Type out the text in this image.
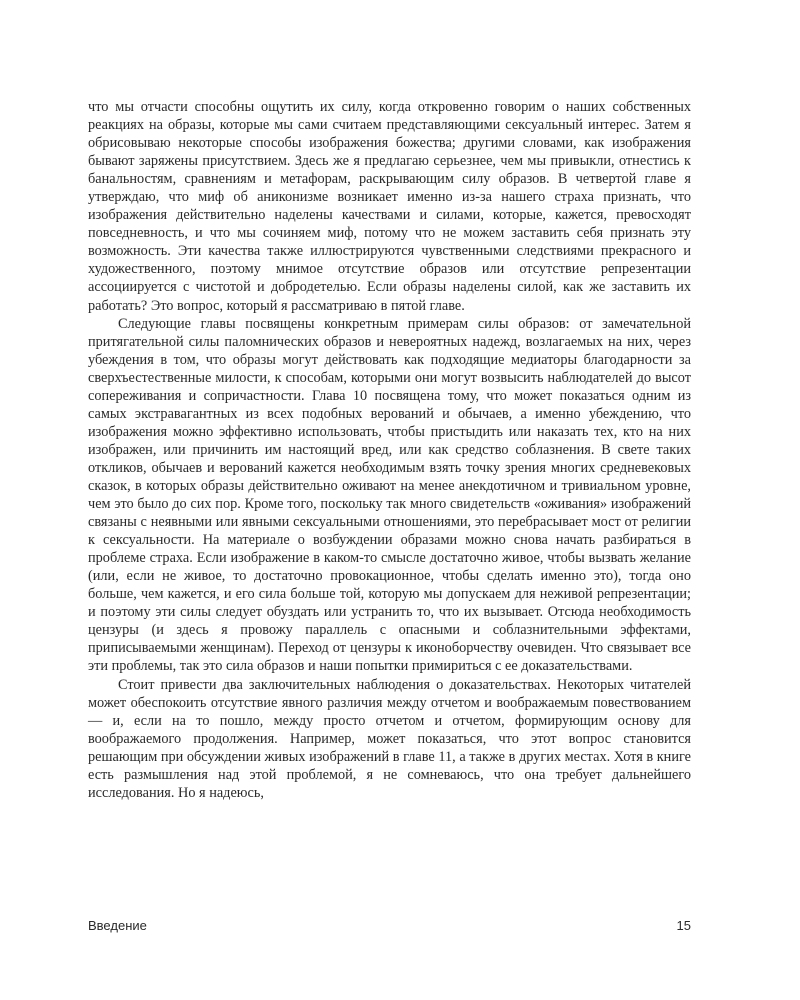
что мы отчасти способны ощутить их силу, когда откровенно говорим о наших собственных реакциях на образы, которые мы сами считаем представляющими сексуальный интерес. Затем я обрисовываю некоторые способы изображения божества; другими словами, как изображения бывают заряжены присутствием. Здесь же я предлагаю серьезнее, чем мы привыкли, отнестись к банальностям, сравнениям и метафорам, раскрывающим силу образов. В четвертой главе я утверждаю, что миф об аниконизме возникает именно из-за нашего страха признать, что изображения действительно наделены качествами и силами, которые, кажется, превосходят повседневность, и что мы сочиняем миф, потому что не можем заставить себя признать эту возможность. Эти качества также иллюстрируются чувственными следствиями прекрасного и художественного, поэтому мнимое отсутствие образов или отсутствие репрезентации ассоциируется с чистотой и добродетелью. Если образы наделены силой, как же заставить их работать? Это вопрос, который я рассматриваю в пятой главе.

Следующие главы посвящены конкретным примерам силы образов: от замечательной притягательной силы паломнических образов и невероятных надежд, возлагаемых на них, через убеждения в том, что образы могут действовать как подходящие медиаторы благодарности за сверхъестественные милости, к способам, которыми они могут возвысить наблюдателей до высот сопереживания и сопричастности. Глава 10 посвящена тому, что может показаться одним из самых экстравагантных из всех подобных верований и обычаев, а именно убеждению, что изображения можно эффективно использовать, чтобы пристыдить или наказать тех, кто на них изображен, или причинить им настоящий вред, или как средство соблазнения. В свете таких откликов, обычаев и верований кажется необходимым взять точку зрения многих средневековых сказок, в которых образы действительно оживают на менее анекдотичном и тривиальном уровне, чем это было до сих пор. Кроме того, поскольку так много свидетельств «оживания» изображений связаны с неявными или явными сексуальными отношениями, это перебрасывает мост от религии к сексуальности. На материале о возбуждении образами можно снова начать разбираться в проблеме страха. Если изображение в каком-то смысле достаточно живое, чтобы вызвать желание (или, если не живое, то достаточно провокационное, чтобы сделать именно это), тогда оно больше, чем кажется, и его сила больше той, которую мы допускаем для неживой репрезентации; и поэтому эти силы следует обуздать или устранить то, что их вызывает. Отсюда необходимость цензуры (и здесь я провожу параллель с опасными и соблазнительными эффектами, приписываемыми женщинам). Переход от цензуры к иконоборчеству очевиден. Что связывает все эти проблемы, так это сила образов и наши попытки примириться с ее доказательствами.

Стоит привести два заключительных наблюдения о доказательствах. Некоторых читателей может обеспокоить отсутствие явного различия между отчетом и воображаемым повествованием — и, если на то пошло, между просто отчетом и отчетом, формирующим основу для воображаемого продолжения. Например, может показаться, что этот вопрос становится решающим при обсуждении живых изображений в главе 11, а также в других местах. Хотя в книге есть размышления над этой проблемой, я не сомневаюсь, что она требует дальнейшего исследования. Но я надеюсь,

Введение	15
